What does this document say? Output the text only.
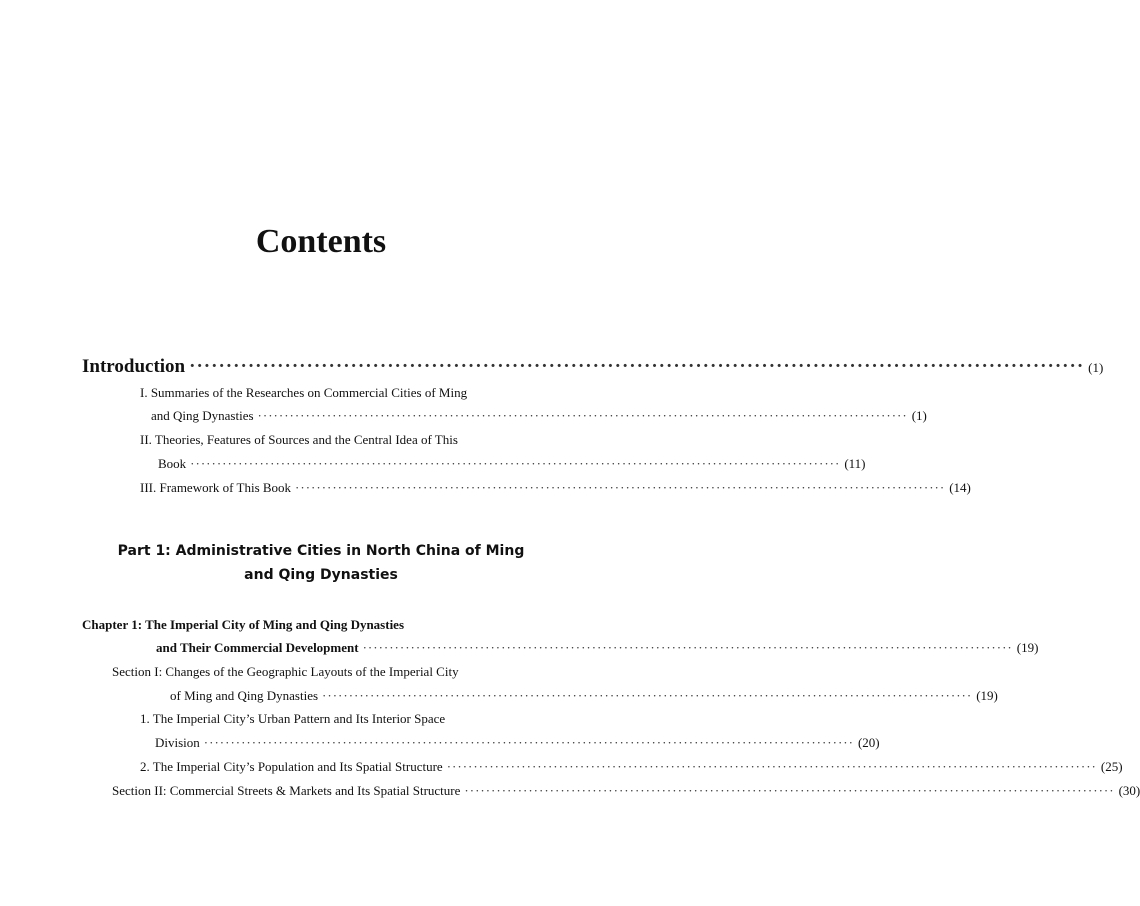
Contents
Introduction ·························································································································· (1)
I. Summaries of the Researches on Commercial Cities of Ming
and Qing Dynasties ·························································································································· (1)
II. Theories, Features of Sources and the Central Idea of This
Book ·························································································································· (11)
III. Framework of This Book ·························································································································· (14)
Part 1: Administrative Cities in North China of Ming
and Qing Dynasties
Chapter 1: The Imperial City of Ming and Qing Dynasties
and Their Commercial Development ·························································································································· (19)
Section I: Changes of the Geographic Layouts of the Imperial City
of Ming and Qing Dynasties ·························································································································· (19)
1. The Imperial City’s Urban Pattern and Its Interior Space
Division ·························································································································· (20)
2. The Imperial City’s Population and Its Spatial Structure ·························································································································· (25)
Section II: Commercial Streets & Markets and Its Spatial Structure ·························································································································· (30)
